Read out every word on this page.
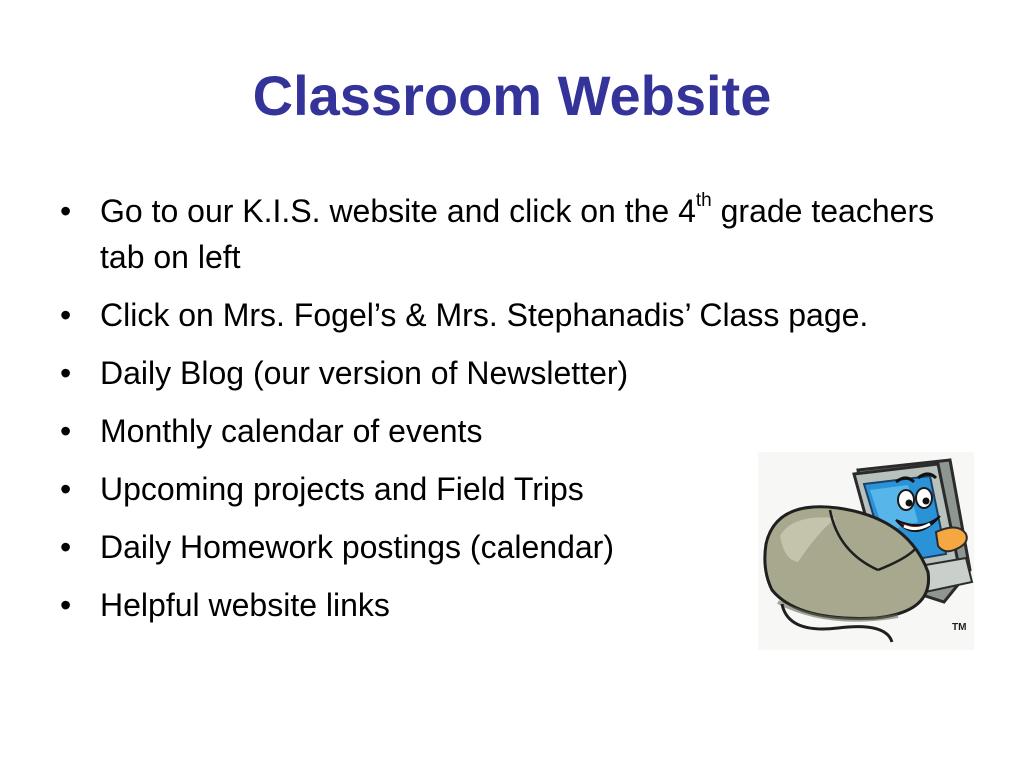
Classroom Website
• Go to our K.I.S. website and click on the 4th grade teachers tab on left
• Click on Mrs. Fogel’s & Mrs. Stephanadis’ Class page.
• Daily Blog (our version of Newsletter)
• Monthly calendar of events
• Upcoming projects and Field Trips
• Daily Homework postings (calendar)
• Helpful website links
TM
